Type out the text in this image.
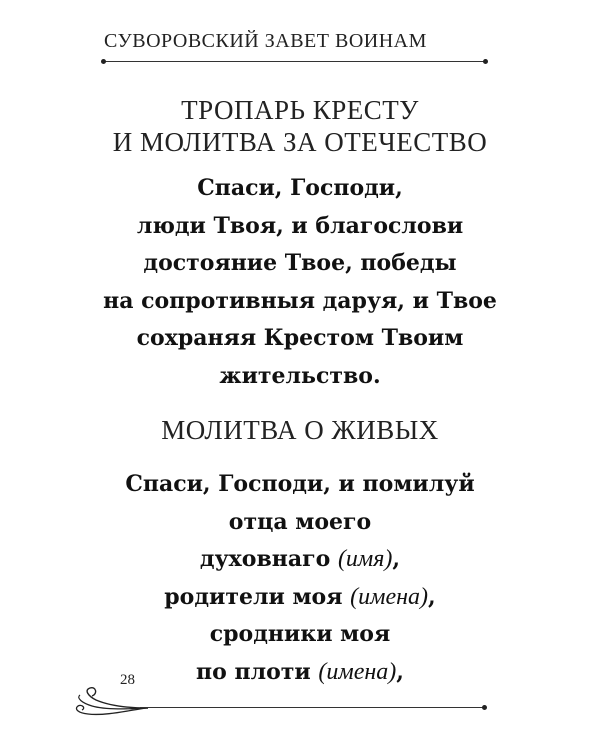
СУВОРОВСКИЙ ЗАВЕТ ВОИНАМ
ТРОПАРЬ КРЕСТУ
И МОЛИТВА ЗА ОТЕЧЕСТВО
Спаси, Господи,
люди Твоя, и благослови
достояние Твое, победы
на сопротивныя даруя, и Твое
сохраняя Крестом Твоим
жительство.
МОЛИТВА О ЖИВЫХ
Спаси, Господи, и помилуй
отца моего
духовнаго (имя),
родители моя (имена),
сродники моя
по плоти (имена),
28
